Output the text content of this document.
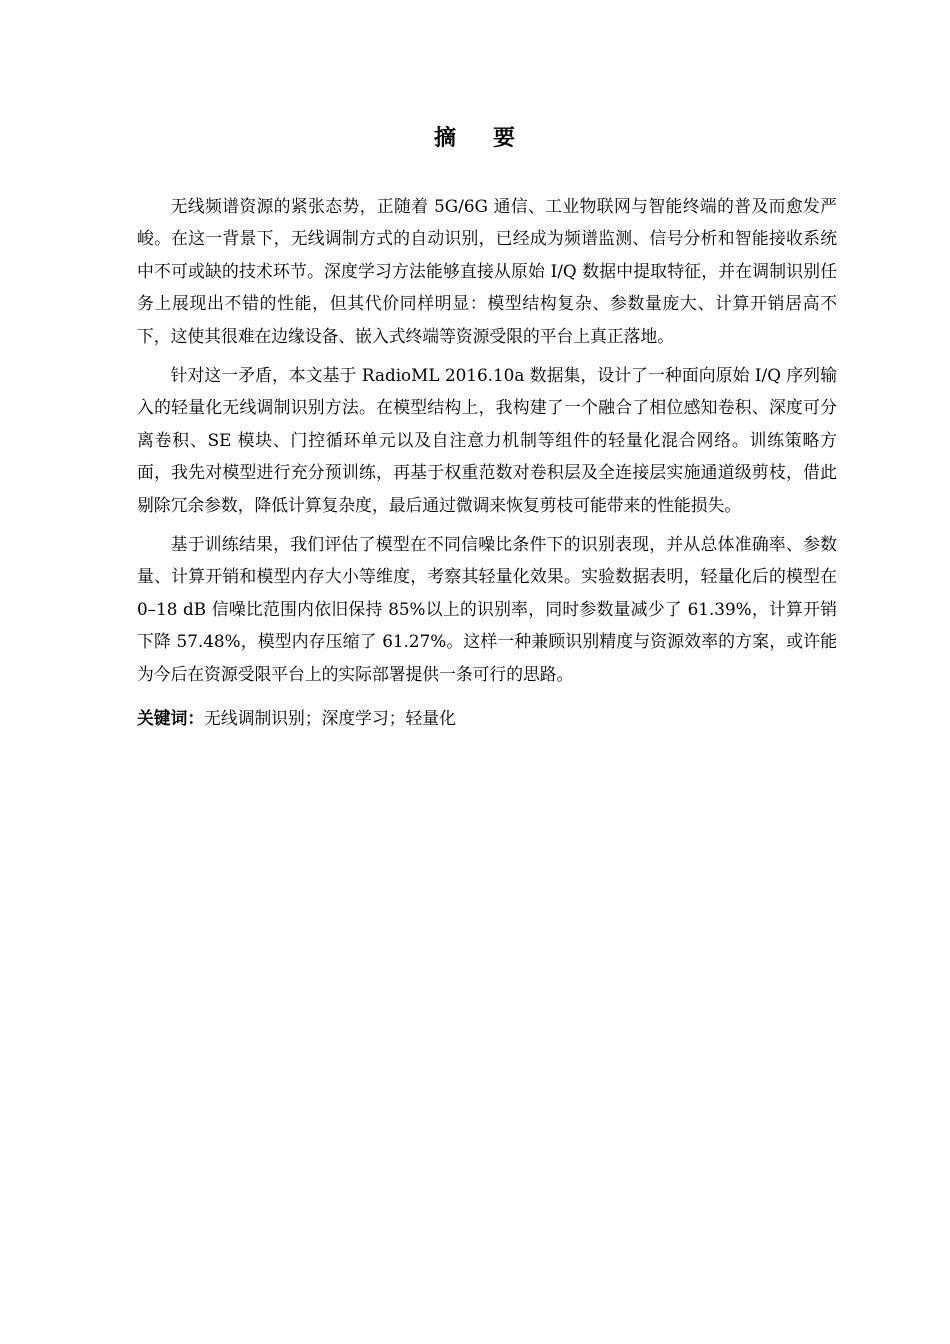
摘 要

无线频谱资源的紧张态势，正随着 5G/6G 通信、工业物联网与智能终端的普及而愈发严峻。在这一背景下，无线调制方式的自动识别，已经成为频谱监测、信号分析和智能接收系统中不可或缺的技术环节。深度学习方法能够直接从原始 I/Q 数据中提取特征，并在调制识别任务上展现出不错的性能，但其代价同样明显：模型结构复杂、参数量庞大、计算开销居高不下，这使其很难在边缘设备、嵌入式终端等资源受限的平台上真正落地。

针对这一矛盾，本文基于 RadioML 2016.10a 数据集，设计了一种面向原始 I/Q 序列输入的轻量化无线调制识别方法。在模型结构上，我构建了一个融合了相位感知卷积、深度可分离卷积、SE 模块、门控循环单元以及自注意力机制等组件的轻量化混合网络。训练策略方面，我先对模型进行充分预训练，再基于权重范数对卷积层及全连接层实施通道级剪枝，借此剔除冗余参数，降低计算复杂度，最后通过微调来恢复剪枝可能带来的性能损失。

基于训练结果，我们评估了模型在不同信噪比条件下的识别表现，并从总体准确率、参数量、计算开销和模型内存大小等维度，考察其轻量化效果。实验数据表明，轻量化后的模型在 0–18 dB 信噪比范围内依旧保持 85%以上的识别率，同时参数量减少了 61.39%，计算开销下降 57.48%，模型内存压缩了 61.27%。这样一种兼顾识别精度与资源效率的方案，或许能为今后在资源受限平台上的实际部署提供一条可行的思路。

关键词：无线调制识别；深度学习；轻量化
